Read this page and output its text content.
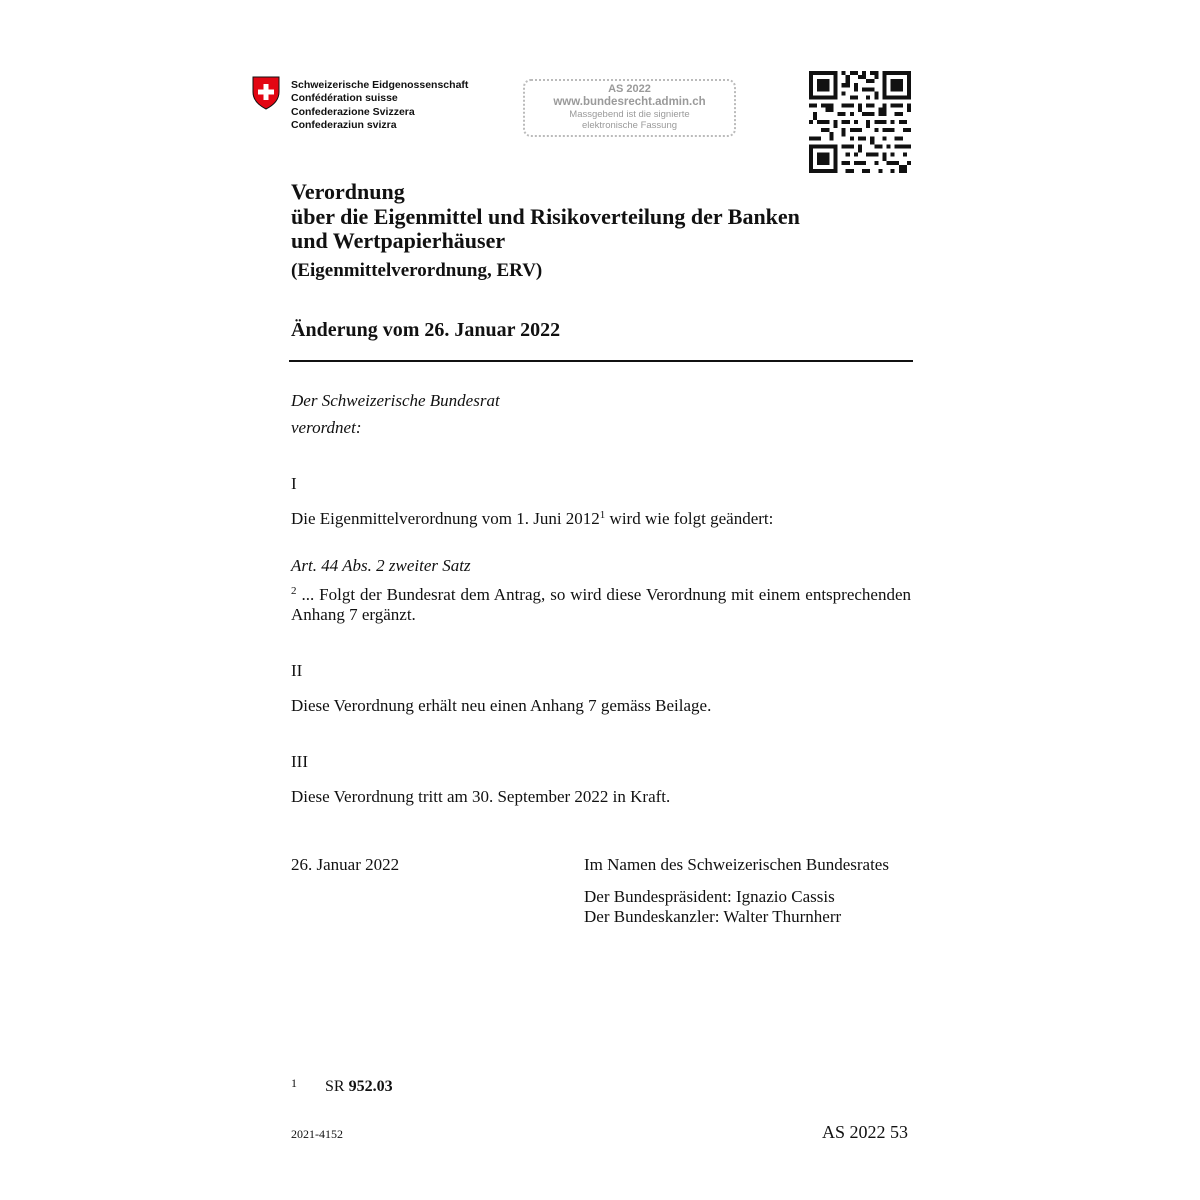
Schweizerische Eidgenossenschaft
Confédération suisse
Confederazione Svizzera
Confederaziun svizra
AS 2022
www.bundesrecht.admin.ch
Massgebend ist die signierte
elektronische Fassung
Verordnung
über die Eigenmittel und Risikoverteilung der Banken
und Wertpapierhäuser
(Eigenmittelverordnung, ERV)
Änderung vom 26. Januar 2022
Der Schweizerische Bundesrat
verordnet:
I
Die Eigenmittelverordnung vom 1. Juni 2012$^1$ wird wie folgt geändert:
Art. 44 Abs. 2 zweiter Satz
$^2$ ... Folgt der Bundesrat dem Antrag, so wird diese Verordnung mit einem entsprechenden Anhang 7 ergänzt.
II
Diese Verordnung erhält neu einen Anhang 7 gemäss Beilage.
III
Diese Verordnung tritt am 30. September 2022 in Kraft.
26. Januar 2022	Im Namen des Schweizerischen Bundesrates
Der Bundespräsident: Ignazio Cassis
Der Bundeskanzler: Walter Thurnherr
1 SR 952.03
2021-4152	AS 2022 53
